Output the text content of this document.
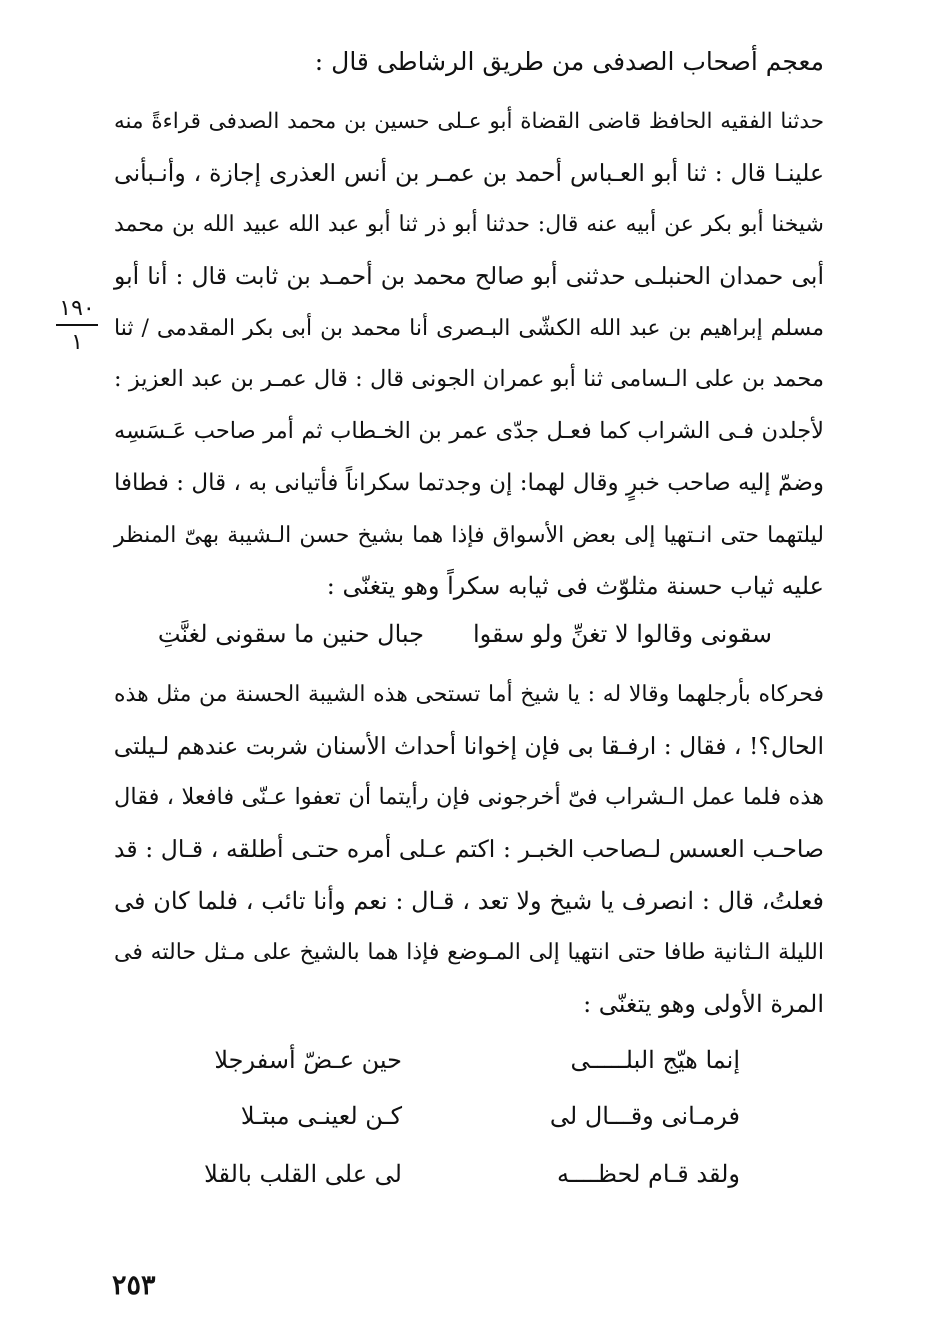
معجم أصحاب الصدفى من طريق الرشاطى قال :
١٩٠
١
حدثنا الفقيه الحافظ قاضى القضاة أبو عـلى حسين بن محمد الصدفى قراءةً منه
علينـا قال : ثنا أبو العـباس أحمد بن عمـر بن أنس العذرى إجازة ، وأنـبأنى
شيخنا أبو بكر عن أبيه عنه قال: حدثنا أبو ذر ثنا أبو عبد الله عبيد الله بن محمد
أبى حمدان الحنبلـى حدثنى أبو صالح محمد بن أحمـد بن ثابت قال : أنا أبو
مسلم إبراهيم بن عبد الله الكشّى البـصرى أنا محمد بن أبى بكر المقدمى / ثنا
محمد بن على الـسامى ثنا أبو عمران الجونى قال : قال عمـر بن عبد العزيز :
لأجلدن فـى الشراب كما فعـل جدّى عمر بن الخـطاب ثم أمر صاحب عَـسَسِه
وضمّ إليه صاحب خبرٍ وقال لهما: إن وجدتما سكراناً فأتيانى به ، قال : فطافا
ليلتهما حتى انـتهيا إلى بعض الأسواق فإذا هما بشيخ حسن الـشيبة بهىّ المنظر
عليه ثياب حسنة مثلوّث فى ثيابه سكراً وهو يتغنّى :
سقونى وقالوا لا تغنِّ ولو سقوا
جبال حنين ما سقونى لغنَّتِ
فحركاه بأرجلهما وقالا له : يا شيخ أما تستحى هذه الشيبة الحسنة من مثل هذه
الحال؟! ، فقال : ارفـقا بى فإن إخوانا أحداث الأسنان شربت عندهم لـيلتى
هذه فلما عمل الـشراب فىّ أخرجونى فإن رأيتما أن تعفوا عـنّى فافعلا ، فقال
صاحـب العسس لـصاحب الخبـر : اكتم عـلى أمره حتـى أطلقه ، قـال : قد
فعلتُ، قال : انصرف يا شيخ ولا تعد ، قـال : نعم وأنا تائب ، فلما كان فى
الليلة الـثانية طافا حتى انتهيا إلى المـوضع فإذا هما بالشيخ على مـثل حالته فى
المرة الأولى وهو يتغنّى :
إنما هيّج البلـــــى
حين عـضّ أسفرجلا
فرمـانى وقـــال لى
كـن لعينـى مبتـلا
ولقد قـام لحظــــه
لى على القلب بالقلا
٢٥٣
